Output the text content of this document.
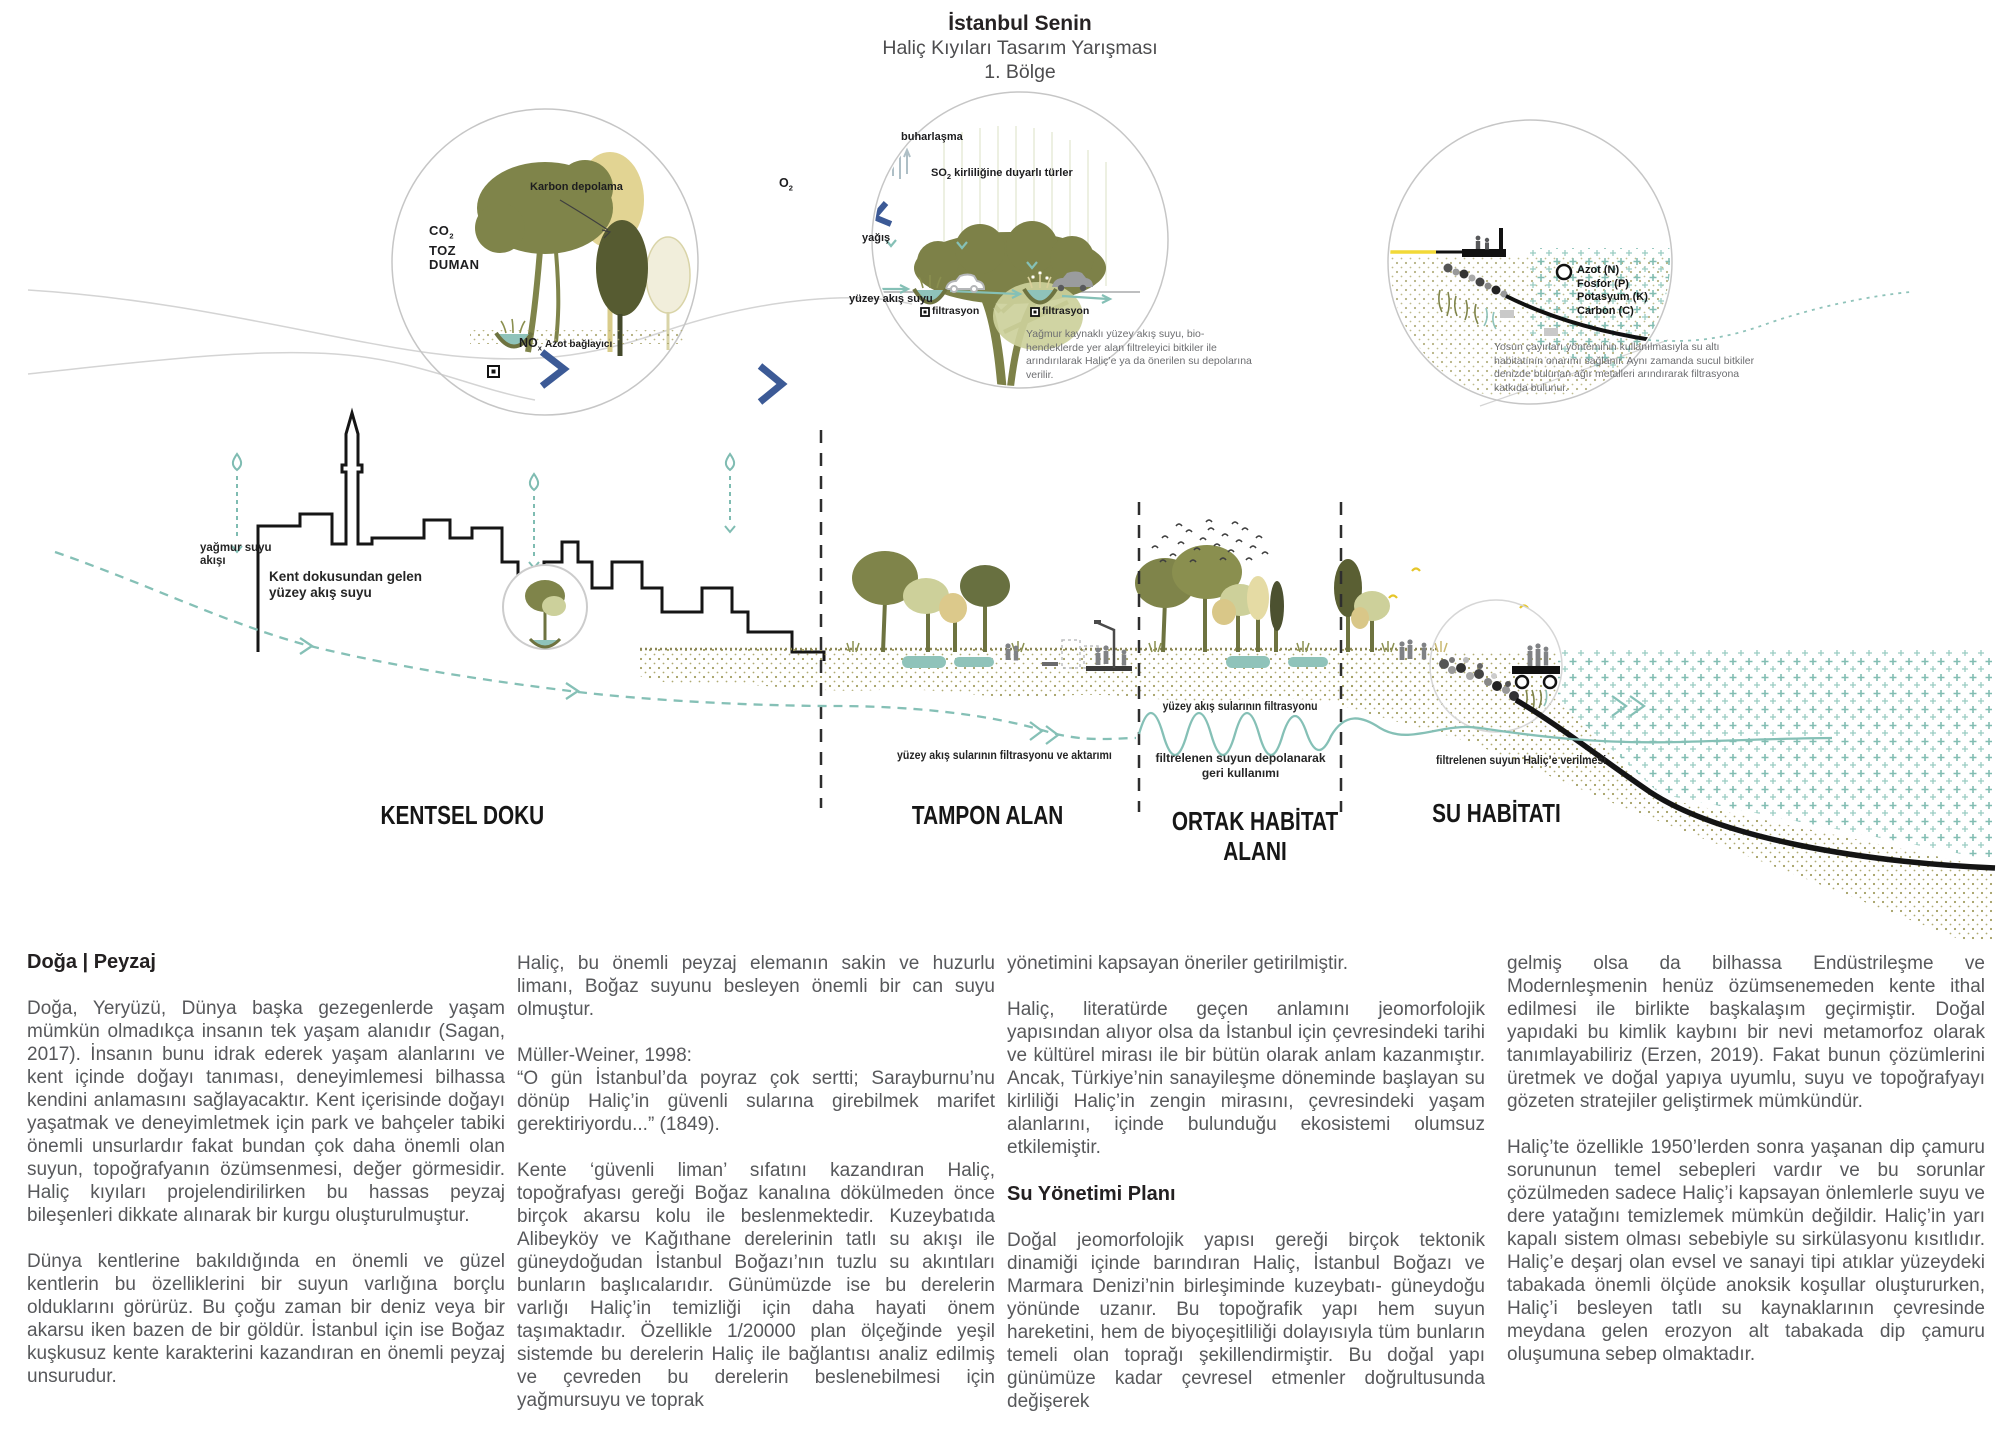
İstanbul Senin
Haliç Kıyıları Tasarım Yarışması
1. Bölge
Karbon depolama
$CO_2$
TOZ
DUMAN
$NO_x$ Azot bağlayıcı
$O_2$
buharlaşma
$SO_2$ kirliliğine duyarlı türler
yağış
yüzey akış suyu
filtrasyon	filtrasyon
Yağmur kaynaklı yüzey akış suyu, bio-hendeklerde yer alan filtreleyici bitkiler ile arındırılarak Haliç’e ya da önerilen su depolarına verilir.
Azot (N)
Fosfor (P)
Potasyum (K)
Carbon (C)
Yosun çayırları yönteminin kullanılmasıyla su altı habitatının onarımı sağlanır. Aynı zamanda sucul bitkiler denizde bulunan ağır metalleri arındırarak filtrasyona katkıda bulunur.
yağmur suyu akışı
Kent dokusundan gelen yüzey akış suyu
yüzey akış sularının filtrasyonu ve aktarımı
yüzey akış sularının filtrasyonu
filtrelenen suyun depolanarak geri kullanımı
filtrelenen suyun Haliç’e verilmesi
KENTSEL DOKU	TAMPON ALAN	ORTAK HABİTAT ALANI
SU HABİTATI
Doğa | Peyzaj

Doğa, Yeryüzü, Dünya başka gezegenlerde yaşam mümkün olmadıkça insanın tek yaşam alanıdır (Sagan, 2017). İnsanın bunu idrak ederek yaşam alanlarını ve kent içinde doğayı tanıması, deneyimlemesi bilhassa kendini anlamasını sağlayacaktır. Kent içerisinde doğayı yaşatmak ve deneyimletmek için park ve bahçeler tabiki önemli unsurlardır fakat bundan çok daha önemli olan suyun, topoğrafyanın özümsenmesi, değer görmesidir. Haliç kıyıları projelendirilirken bu hassas peyzaj bileşenleri dikkate alınarak bir kurgu oluşturulmuştur.

Dünya kentlerine bakıldığında en önemli ve güzel kentlerin bu özelliklerini bir suyun varlığına borçlu olduklarını görürüz. Bu çoğu zaman bir deniz veya bir akarsu iken bazen de bir göldür. İstanbul için ise Boğaz kuşkusuz kente karakterini kazandıran en önemli peyzaj unsurudur.

Haliç, bu önemli peyzaj elemanın sakin ve huzurlu limanı, Boğaz suyunu besleyen önemli bir can suyu olmuştur.

Müller-Weiner, 1998:

“O gün İstanbul’da poyraz çok sertti; Sarayburnu’nu dönüp Haliç’in güvenli sularına girebilmek marifet gerektiriyordu...” (1849).

Kente ‘güvenli liman’ sıfatını kazandıran Haliç, topoğrafyası gereği Boğaz kanalına dökülmeden önce birçok akarsu kolu ile beslenmektedir. Kuzeybatıda Alibeyköy ve Kağıthane derelerinin tatlı su akışı ile güneydoğudan İstanbul Boğazı’nın tuzlu su akıntıları bunların başlıcalarıdır. Günümüzde ise bu derelerin varlığı Haliç’in temizliği için daha hayati önem taşımaktadır. Özellikle 1/20000 plan ölçeğinde yeşil sistemde bu derelerin Haliç ile bağlantısı analiz edilmiş ve çevreden bu derelerin beslenebilmesi için yağmursuyu ve toprak

yönetimini kapsayan öneriler getirilmiştir.

Haliç, literatürde geçen anlamını jeomorfolojik yapısından alıyor olsa da İstanbul için çevresindeki tarihi ve kültürel mirası ile bir bütün olarak anlam kazanmıştır. Ancak, Türkiye’nin sanayileşme döneminde başlayan su kirliliği Haliç’in zengin mirasını, çevresindeki yaşam alanlarını, içinde bulunduğu ekosistemi olumsuz etkilemiştir.

Su Yönetimi Planı

Doğal jeomorfolojik yapısı gereği birçok tektonik dinamiği içinde barındıran Haliç, İstanbul Boğazı ve Marmara Denizi’nin birleşiminde kuzeybatı- güneydoğu yönünde uzanır. Bu topoğrafik yapı hem suyun hareketini, hem de biyoçeşitliliği dolayısıyla tüm bunların temeli olan toprağı şekillendirmiştir. Bu doğal yapı günümüze kadar çevresel etmenler doğrultusunda değişerek

gelmiş olsa da bilhassa Endüstrileşme ve Modernleşmenin henüz özümsenemeden kente ithal edilmesi ile birlikte başkalaşım geçirmiştir. Doğal yapıdaki bu kimlik kaybını bir nevi metamorfoz olarak tanımlayabiliriz (Erzen, 2019). Fakat bunun çözümlerini üretmek ve doğal yapıya uyumlu, suyu ve topoğrafyayı gözeten stratejiler geliştirmek mümkündür.

Haliç’te özellikle 1950’lerden sonra yaşanan dip çamuru sorununun temel sebepleri vardır ve bu sorunlar çözülmeden sadece Haliç’i kapsayan önlemlerle suyu ve dere yatağını temizlemek mümkün değildir. Haliç’in yarı kapalı sistem olması sebebiyle su sirkülasyonu kısıtlıdır. Haliç’e deşarj olan evsel ve sanayi tipi atıklar yüzeydeki tabakada önemli ölçüde anoksik koşullar oluştururken, Haliç’i besleyen tatlı su kaynaklarının çevresinde meydana gelen erozyon alt tabakada dip çamuru oluşumuna sebep olmaktadır.
